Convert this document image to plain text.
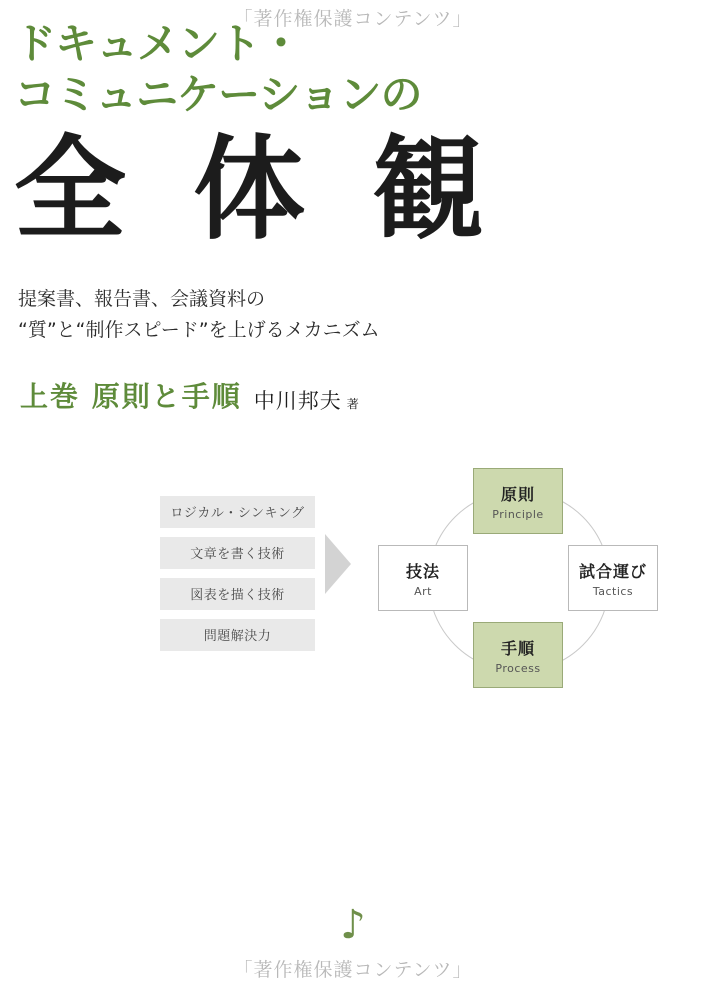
「著作権保護コンテンツ」
ドキュメント・
コミュニケーションの
全 体 観
提案書、報告書、会議資料の
“質”と“制作スピード”を上げるメカニズム
上巻 原則と手順 中川邦夫 著
ロジカル・シンキング
文章を書く技術
図表を描く技術
問題解決力
原則
Principle
試合運び
Tactics
手順
Process
技法
Art
♪
「著作権保護コンテンツ」
